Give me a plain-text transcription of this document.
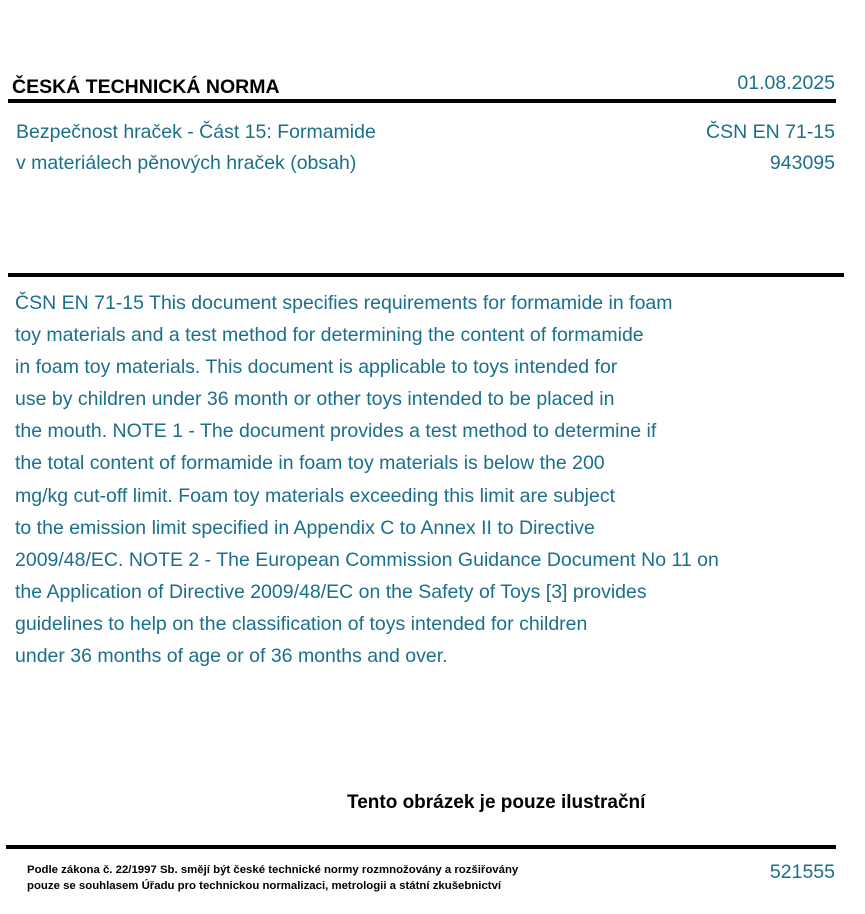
ČESKÁ TECHNICKÁ NORMA	01.08.2025
Bezpečnost hraček - Část 15: Formamide
v materiálech pěnových hraček (obsah)
ČSN EN 71-15
943095
ČSN EN 71-15 This document specifies requirements for formamide in foam
toy materials and a test method for determining the content of formamide
in foam toy materials. This document is applicable to toys intended for
use by children under 36 month or other toys intended to be placed in
the mouth. NOTE 1 - The document provides a test method to determine if
the total content of formamide in foam toy materials is below the 200
mg/kg cut-off limit. Foam toy materials exceeding this limit are subject
to the emission limit specified in Appendix C to Annex II to Directive
2009/48/EC. NOTE 2 - The European Commission Guidance Document No 11 on
the Application of Directive 2009/48/EC on the Safety of Toys [3] provides
guidelines to help on the classification of toys intended for children
under 36 months of age or of 36 months and over.
Tento obrázek je pouze ilustrační
Podle zákona č. 22/1997 Sb. smějí být české technické normy rozmnožovány a rozšiřovány
pouze se souhlasem Úřadu pro technickou normalizaci, metrologii a státní zkušebnictví
521555
